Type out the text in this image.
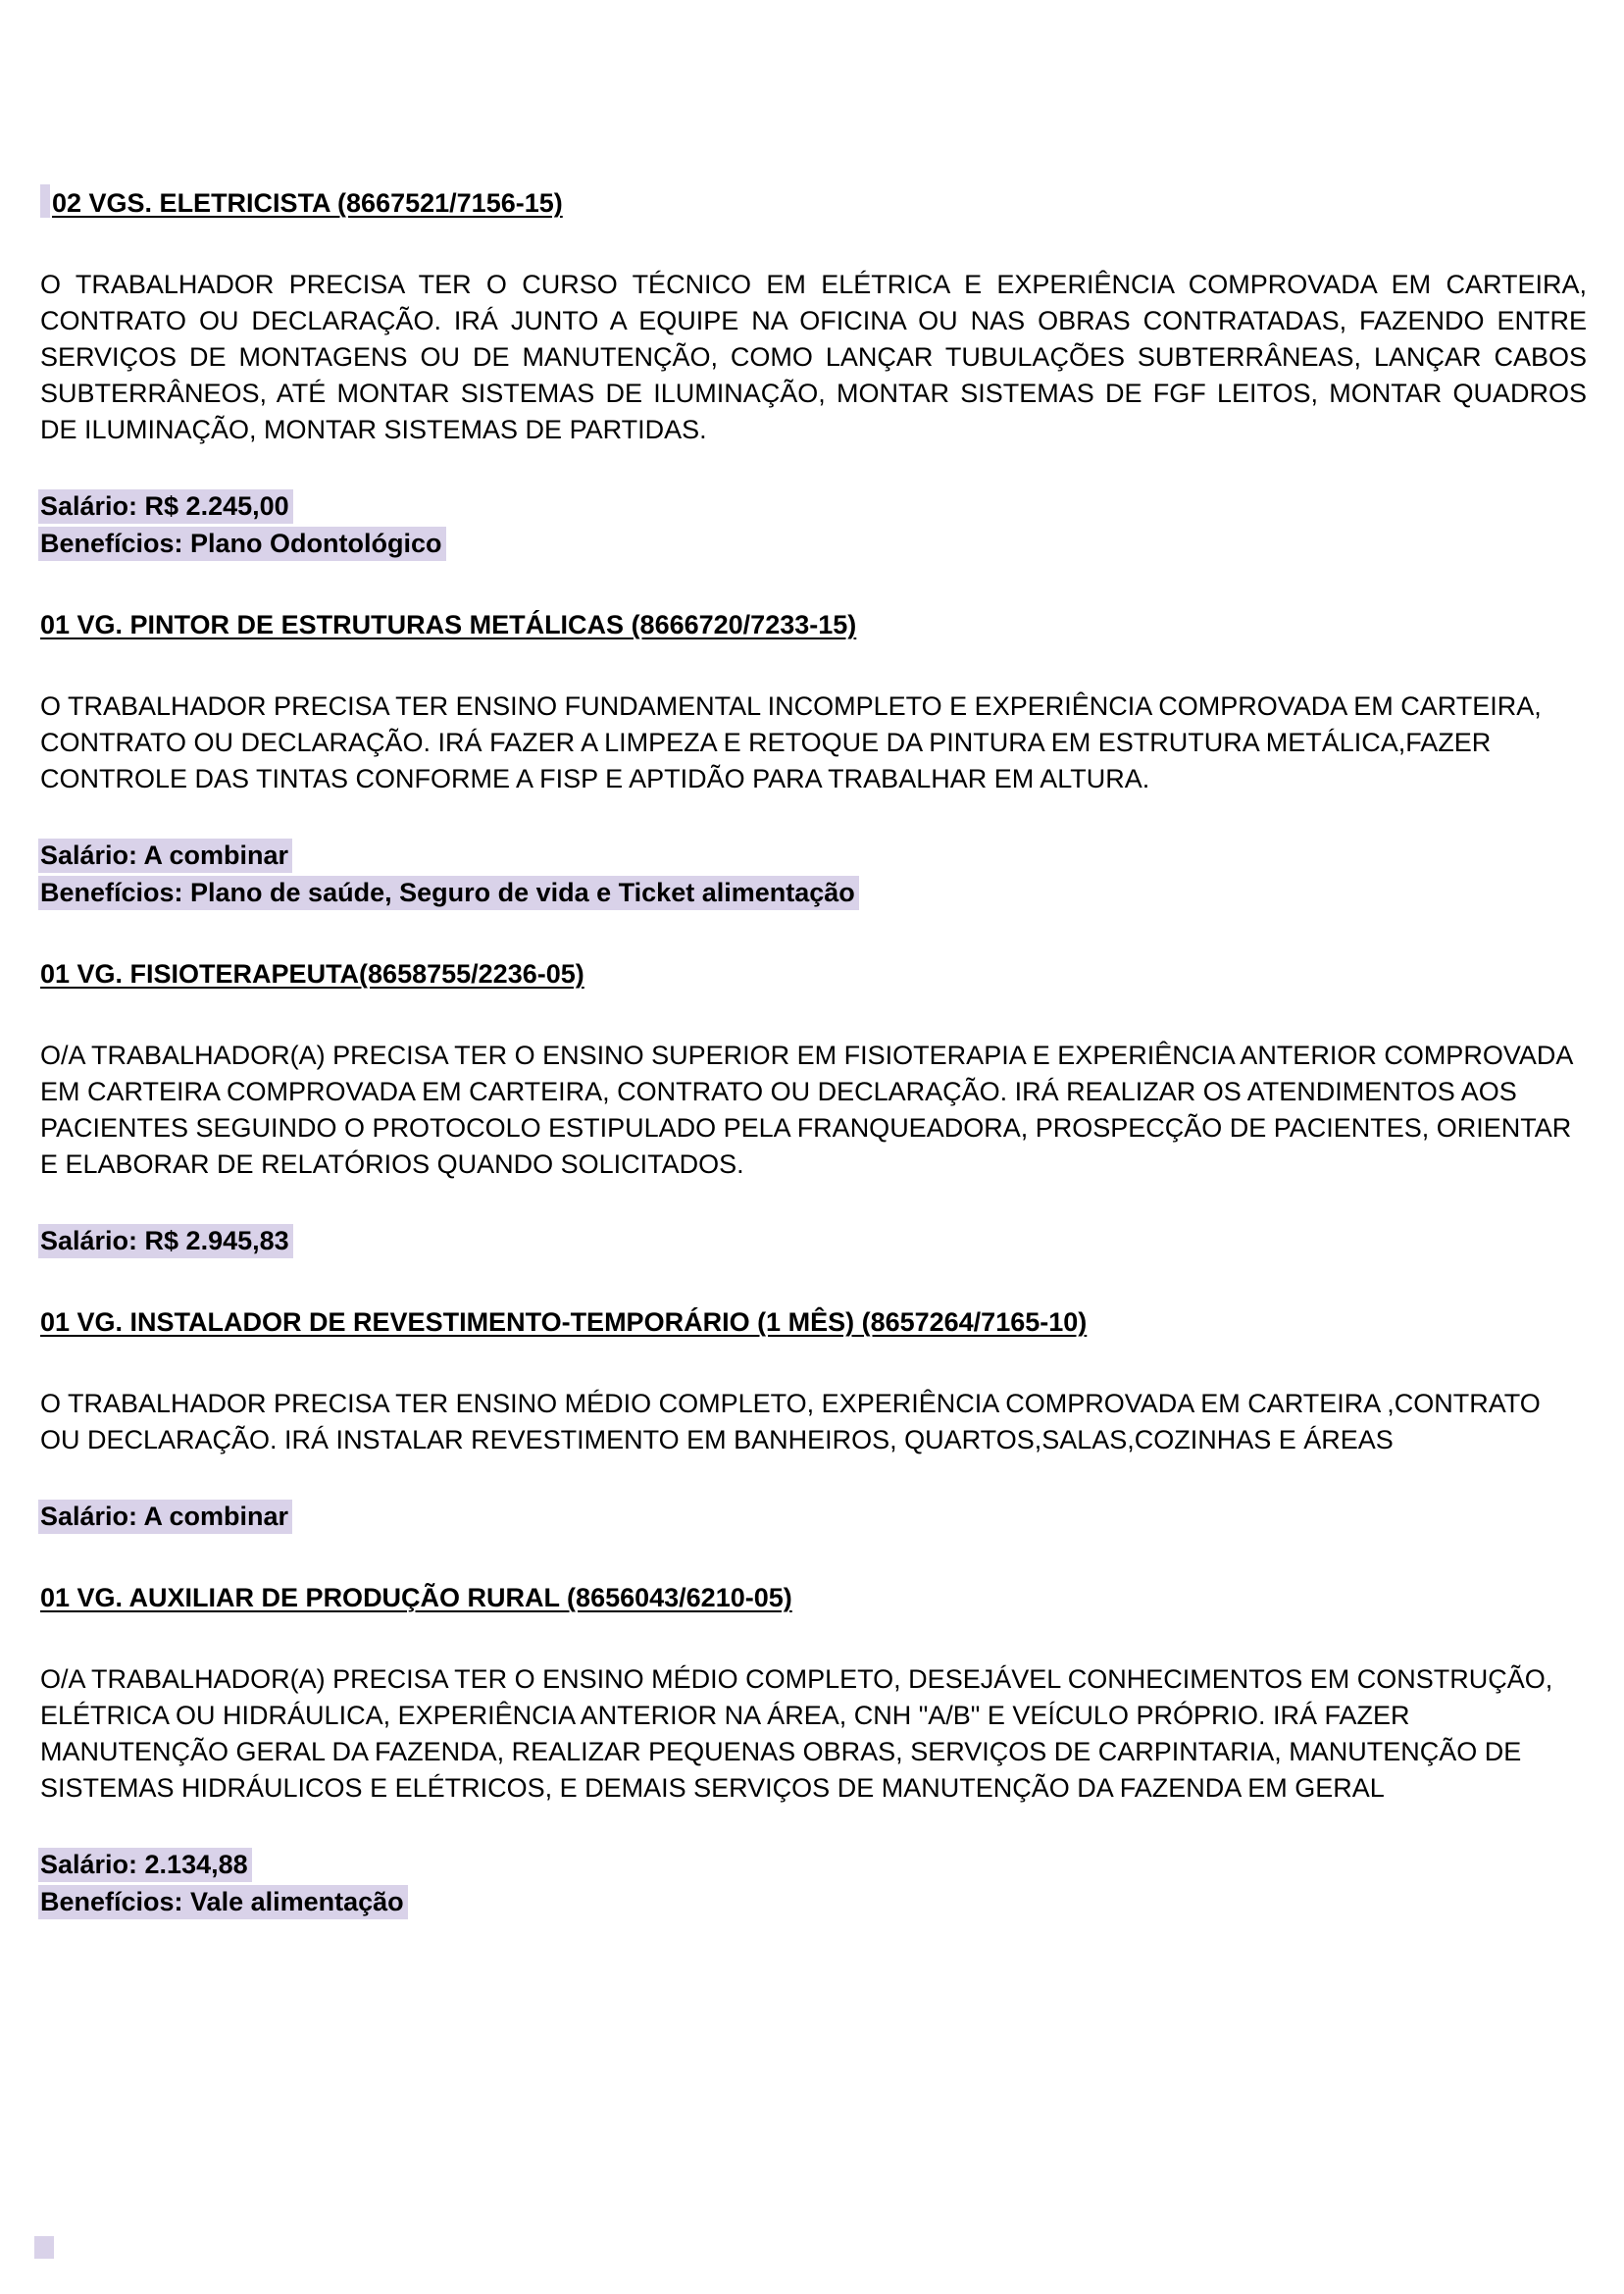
02 VGS. ELETRICISTA (8667521/7156-15)

O TRABALHADOR PRECISA TER O CURSO TÉCNICO EM ELÉTRICA E EXPERIÊNCIA COMPROVADA EM CARTEIRA, CONTRATO OU DECLARAÇÃO. IRÁ JUNTO A EQUIPE NA OFICINA OU NAS OBRAS CONTRATADAS, FAZENDO ENTRE SERVIÇOS DE MONTAGENS OU DE MANUTENÇÃO, COMO LANÇAR TUBULAÇÕES SUBTERRÂNEAS, LANÇAR CABOS SUBTERRÂNEOS, ATÉ MONTAR SISTEMAS DE ILUMINAÇÃO, MONTAR SISTEMAS DE FGF LEITOS, MONTAR QUADROS DE ILUMINAÇÃO, MONTAR SISTEMAS DE PARTIDAS.

Salário: R$ 2.245,00
Benefícios: Plano Odontológico
01 VG. PINTOR DE ESTRUTURAS METÁLICAS (8666720/7233-15)

O TRABALHADOR PRECISA TER ENSINO FUNDAMENTAL INCOMPLETO E EXPERIÊNCIA COMPROVADA EM CARTEIRA, CONTRATO OU DECLARAÇÃO. IRÁ FAZER A LIMPEZA E RETOQUE DA PINTURA EM ESTRUTURA METÁLICA,FAZER CONTROLE DAS TINTAS CONFORME A FISP E APTIDÃO PARA TRABALHAR EM ALTURA.

Salário: A combinar
Benefícios: Plano de saúde, Seguro de vida e Ticket alimentação
01 VG. FISIOTERAPEUTA(8658755/2236-05)

O/A TRABALHADOR(A) PRECISA TER O ENSINO SUPERIOR EM FISIOTERAPIA E EXPERIÊNCIA ANTERIOR COMPROVADA EM CARTEIRA COMPROVADA EM CARTEIRA, CONTRATO OU DECLARAÇÃO. IRÁ REALIZAR OS ATENDIMENTOS AOS PACIENTES SEGUINDO O PROTOCOLO ESTIPULADO PELA FRANQUEADORA, PROSPECÇÃO DE PACIENTES, ORIENTAR E ELABORAR DE RELATÓRIOS QUANDO SOLICITADOS.

Salário: R$ 2.945,83
01 VG. INSTALADOR DE REVESTIMENTO-TEMPORÁRIO (1 MÊS) (8657264/7165-10)

O TRABALHADOR PRECISA TER ENSINO MÉDIO COMPLETO, EXPERIÊNCIA COMPROVADA EM CARTEIRA ,CONTRATO OU DECLARAÇÃO. IRÁ INSTALAR REVESTIMENTO EM BANHEIROS, QUARTOS,SALAS,COZINHAS E ÁREAS

Salário: A combinar
01 VG. AUXILIAR DE PRODUÇÃO RURAL (8656043/6210-05)

O/A TRABALHADOR(A) PRECISA TER O ENSINO MÉDIO COMPLETO, DESEJÁVEL CONHECIMENTOS EM CONSTRUÇÃO, ELÉTRICA OU HIDRÁULICA, EXPERIÊNCIA ANTERIOR NA ÁREA, CNH "A/B" E VEÍCULO PRÓPRIO. IRÁ FAZER MANUTENÇÃO GERAL DA FAZENDA, REALIZAR PEQUENAS OBRAS, SERVIÇOS DE CARPINTARIA, MANUTENÇÃO DE SISTEMAS HIDRÁULICOS E ELÉTRICOS, E DEMAIS SERVIÇOS DE MANUTENÇÃO DA FAZENDA EM GERAL

Salário: 2.134,88
Benefícios: Vale alimentação
